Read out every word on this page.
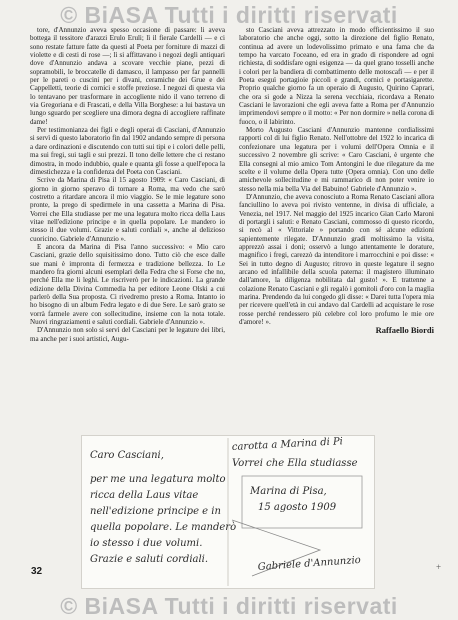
© BiASA Tutti i diritti riservati

tore, d'Annunzio aveva spesso occasione di passare: li aveva bottega il tessitore d'arazzi Erulo Eruli; lì il fierale Cardelli — e ci sono restate fatture fatte da questi al Poeta per forniture di mazzi di violette e di cesti di rose —; lì si affittavano i negozi degli antiquari dove d'Annunzio andava a scovare vecchie piane, pezzi di sopramobili, le broccatelle di damasco, il lampasso per far pannelli per le pareti o cuscini per i divani, ceramiche dei Grue e dei Cappelletti, teorie di cornici e stoffe preziose. I negozi di questa via lo tentavano per trasformare in accogliente nido il vano terreno di via Gregoriana e di Frascati, e della Villa Borghese: a lui bastava un lungo sguardo per scegliere una dimora degna di accogliere raffinate dame!

Per testimonianza dei figli e degli operai di Casciani, d'Annunzio si servì di questo laboratorio fin dal 1902 andando sempre di persona a dare ordinazioni e discutendo con tutti sui tipi e i colori delle pelli, ma sui fregi, sui tagli e sui prezzi. Il tono delle lettere che ci restano dimostra, in modo indubbio, quale e quanta gli fosse a quell'epoca la dimestichezza e la confidenza del Poeta con Casciani.

Scrive da Marina di Pisa il 15 agosto 1909: « Caro Casciani, di giorno in giorno speravo di tornare a Roma, ma vedo che sarò costretto a ritardare ancora il mio viaggio. Se le mie legature sono pronte, la prego di spedirmele in una cassetta a Marina di Pisa. Vorrei che Ella studiasse per me una legatura molto ricca della Laus vitae nell'edizione principe e in quella popolare. Le mandero io stesso il due volumi. Grazie e saluti cordiali », anche al delizioso cuoricino. Gabriele d'Annunzio ».

E ancora da Marina di Pisa l'anno successivo: « Mio caro Casciani, grazie dello squisitissimo dono. Tutto ciò che esce dalle sue mani è impronta di fermezza e tradizione bellezza. Io Le mandero fra giorni alcuni esemplari della Fedra che si Forse che no, perché Ella me li leghi. Le riscriverò per le indicazioni. La grande edizione della Divina Commedia ha per editore Leone Olski a cui parlerò della Sua proposta. Ci rivedremo presto a Roma. Intanto io ho bisogno di un album Fedra legato e di due Sere. Le sarò grato se vorrà farmele avere con sollecitudine, insieme con la nota totale. Nuovi ringraziamenti e saluti cordiali. Gabriele d'Annunzio ».

D'Annunzio non solo si servì del Casciani per le legature dei libri, ma anche per i suoi artistici, Augu-

sto Casciani aveva attrezzato in modo efficientissimo il suo laboratorio che anche oggi, sotto la direzione del figlio Renato, continua ad avere un lodevolissimo primato e una fama che da tempo ha varcato l'oceano, ed era in grado di rispondere ad ogni richiesta, di soddisfare ogni esigenza — da quel grano tosselli anche i colori per la bandiera di combattimento delle motoscafi — e per il Poeta eseguì portagioie piccoli e grandi, cornici e portasigarette. Proprio qualche giorno fa un operaio di Augusto, Quirino Caprari, che ora si gode a Nizza la serena vecchiaia, ricordava a Renato Casciani le lavorazioni che egli aveva fatte a Roma per d'Annunzio imprimendovi sempre o il motto: « Per non dormire » nella corona di fuoco, o il labirinto.

Morto Augusto Casciani d'Annunzio mantenne cordialissimi rapporti col di lui figlio Renato. Nell'ottobre del 1922 lo incarica di confezionare una legatura per i volumi dell'Opera Omnia e il successivo 2 novembre gli scrive: « Caro Casciani, è urgente che Ella consegni al mio amico Tom Antongini le due rilegature da me scelte e il volume della Opera tutte (Opera omnia). Con uno delle amichevole sollecitudine e mi rammarico di non poter venire io stesso nella mia bella Via del Babuino! Gabriele d'Annunzio ».

D'Annunzio, che aveva conosciuto a Roma Renato Casciani allora fanciullino lo aveva poi rivisto ventenne, in divisa di ufficiale, a Venezia, nel 1917. Nel maggio del 1925 incarico Gian Carlo Maroni di portargli i saluti: e Renato Casciani, commosso di questo ricordo, si recò al « Vittoriale » portando con sé alcune edizioni sapientemente rilegate. D'Annunzio gradì moltissimo la visita, apprezzò assai i doni; osservò a lungo attentamente le dorature, magnifico i fregi, carezzò da intenditore i marrocchini e poi disse: « Sei in tutto degno di Augusto; ritrovo in queste legature il segno arcano ed infallibile della scuola paterna: il magistero illuminato dall'amore, la diligenza nobilitata dal gusto! ». E trattenne a colazione Renato Casciani e gli regalò i gomitoli d'oro con la maglia marina. Prendendo da lui congedo gli disse: « Darei tutta l'opera mia per ricevere quell'età in cui andavo dal Cardelli ad acquistare le rose rosse perché rendessero più celebre col loro profumo le mie ore d'amore! ».

Raffaello Biordi

carotta a Marina di Pi
Caro Casciani,
Vorrei che Ella studiasse
per me una legatura molto
ricca della Laus vitae
nell'edizione principe e in
quella popolare. Le manderò
io stesso i due volumi.
Grazie e saluti cordiali.
Marina di Pisa,
15 agosto 1909
Gabriele d'Annunzio
32	+
© BiASA Tutti i diritti riservati
